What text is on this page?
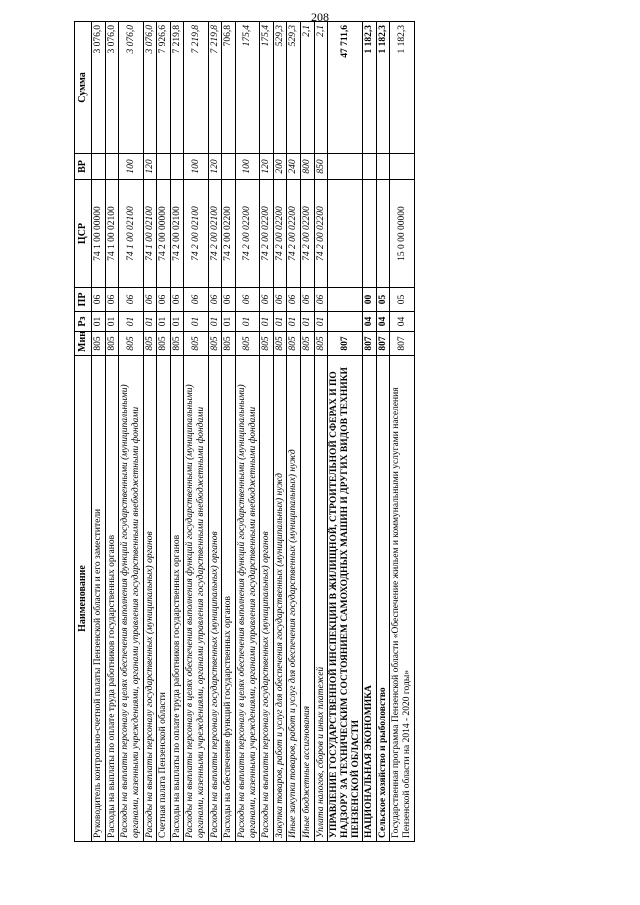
208
Наименование	Мин	Рз	ПР	ЦСР	ВР	Сумма
Руководитель контрольно-счетной палаты Пензенской области и его заместители	805	01	06	74 1 00 00000		3 076,0
Расходы на выплаты по оплате труда работников государственных органов	805	01	06	74 1 00 02100		3 076,0
Расходы на выплаты персоналу в целях обеспечения выполнения функций государственными (муниципальными) органами, казенными учреждениями, органами управления государственными внебюджетными фондами	805	01	06	74 1 00 02100	100	3 076,0
Расходы на выплаты персоналу государственных (муниципальных) органов	805	01	06	74 1 00 02100	120	3 076,0
Счетная палата Пензенской области	805	01	06	74 2 00 00000		7 926,6
Расходы на выплаты по оплате труда работников государственных органов	805	01	06	74 2 00 02100		7 219,8
Расходы на выплаты персоналу в целях обеспечения выполнения функций государственными (муниципальными) органами, казенными учреждениями, органами управления государственными внебюджетными фондами	805	01	06	74 2 00 02100	100	7 219,8
Расходы на выплаты персоналу государственных (муниципальных) органов	805	01	06	74 2 00 02100	120	7 219,8
Расходы на обеспечение функций государственных органов	805	01	06	74 2 00 02200		706,8
Расходы на выплаты персоналу в целях обеспечения выполнения функций государственными (муниципальными) органами, казенными учреждениями, органами управления государственными внебюджетными фондами	805	01	06	74 2 00 02200	100	175,4
Расходы на выплаты персоналу государственных (муниципальных) органов	805	01	06	74 2 00 02200	120	175,4
Закупка товаров, работ и услуг для обеспечения государственных (муниципальных) нужд	805	01	06	74 2 00 02200	200	529,3
Иные закупки товаров, работ и услуг для обеспечения государственных (муниципальных) нужд	805	01	06	74 2 00 02200	240	529,3
Иные бюджетные ассигнования	805	01	06	74 2 00 02200	800	2,1
Уплата налогов, сборов и иных платежей	805	01	06	74 2 00 02200	850	2,1
УПРАВЛЕНИЕ ГОСУДАРСТВЕННОЙ ИНСПЕКЦИИ В ЖИЛИЩНОЙ, СТРОИТЕЛЬНОЙ СФЕРАХ И ПО НАДЗОРУ ЗА ТЕХНИЧЕСКИМ СОСТОЯНИЕМ САМОХОДНЫХ МАШИН И ДРУГИХ ВИДОВ ТЕХНИКИ ПЕНЗЕНСКОЙ ОБЛАСТИ	807					47 711,6
НАЦИОНАЛЬНАЯ ЭКОНОМИКА	807	04	00			1 182,3
Сельское хозяйство и рыболовство	807	04	05			1 182,3
Государственная программа Пензенской области «Обеспечение жильем и коммунальными услугами населения Пензенской области на 2014 - 2020 годы»	807	04	05	15 0 00 00000		1 182,3
